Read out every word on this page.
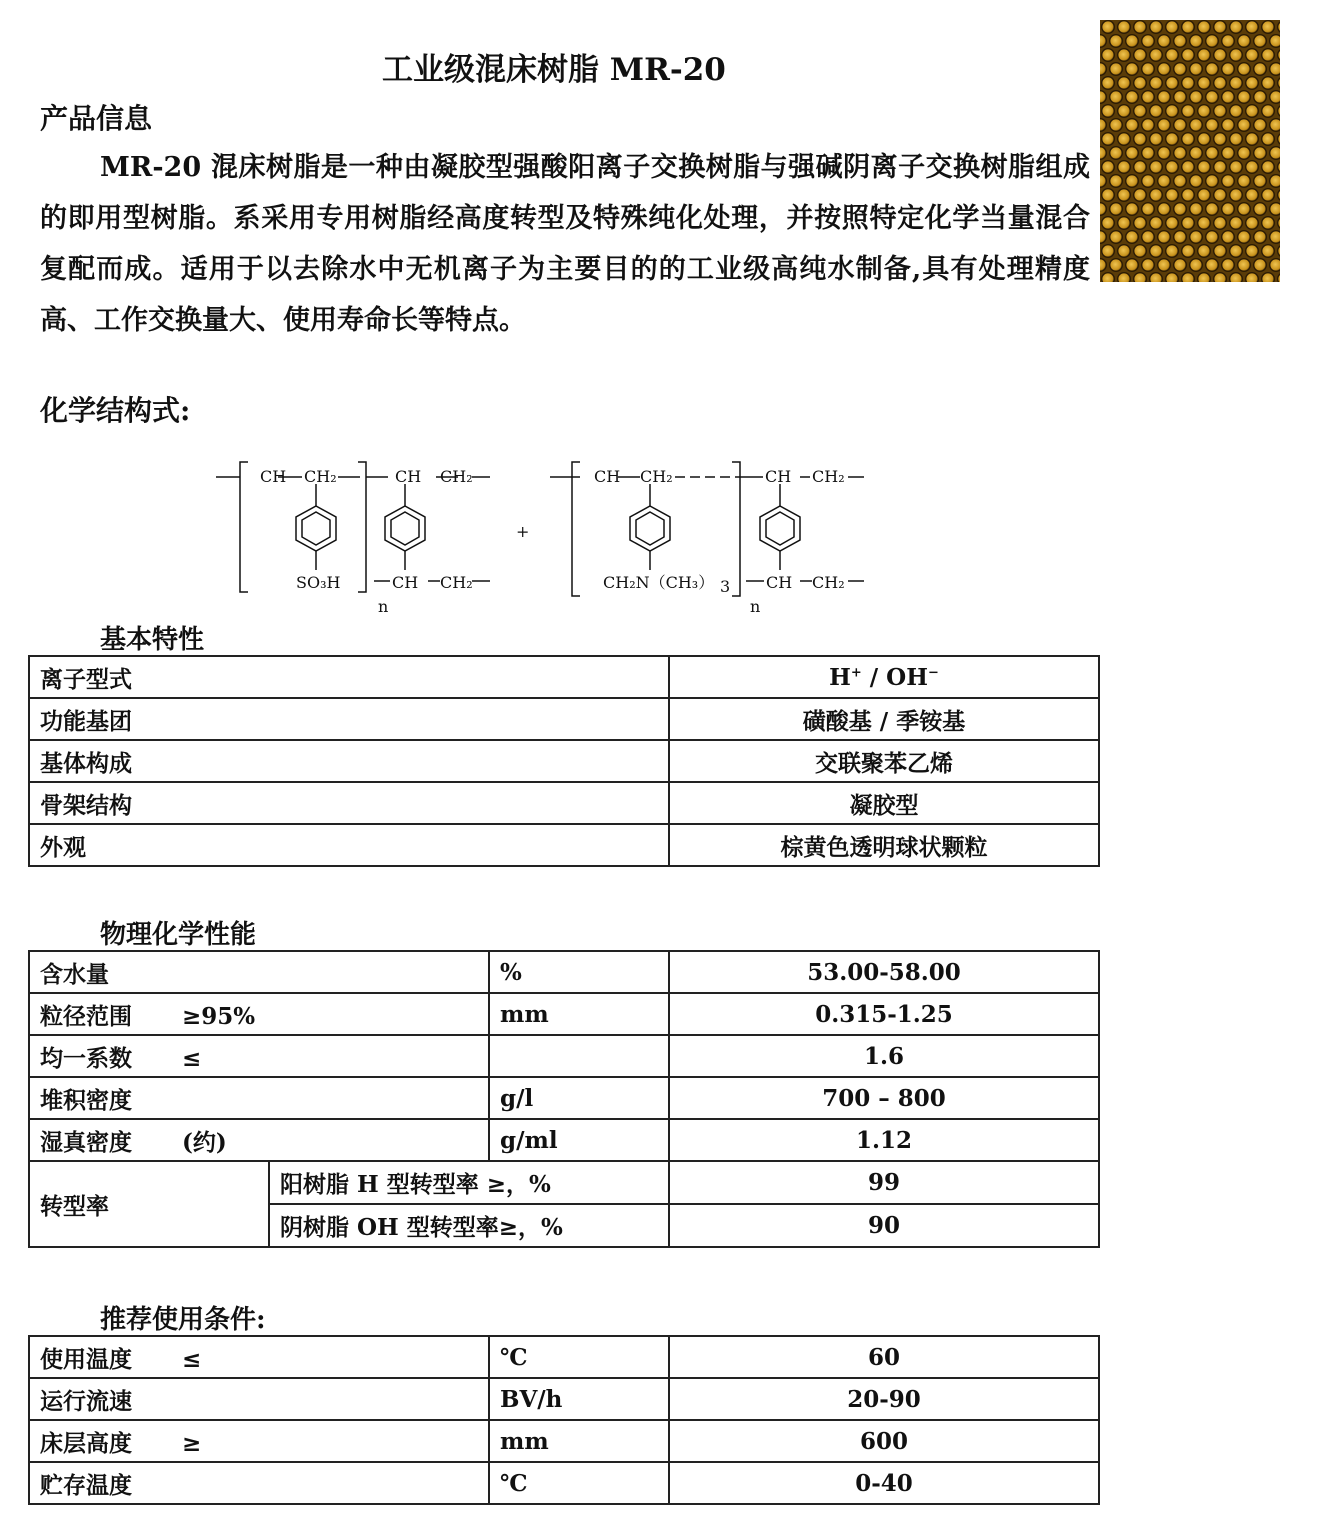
工业级混床树脂 MR-20
产品信息

MR-20 混床树脂是一种由凝胶型强酸阳离子交换树脂与强碱阴离子交换树脂组成的即用型树脂。系采用专用树脂经高度转型及特殊纯化处理，并按照特定化学当量混合复配而成。适用于以去除水中无机离子为主要目的的工业级高纯水制备,具有处理精度高、工作交换量大、使用寿命长等特点。

化学结构式:
CH CH₂	CH CH₂
SO₃H	CH CH₂
n
+
CH CH₂	CH CH₂
CH₂N（CH₃） 3 CH CH₂
n
基本特性
离子型式	H+ / OH−
功能基团	磺酸基 / 季铵基
基体构成	交联聚苯乙烯
骨架结构	凝胶型
外观	棕黄色透明球状颗粒
物理化学性能
含水量		%	53.00-58.00
粒径范围 ≥95%		mm	0.315-1.25
均一系数 ≤			1.6
堆积密度		g/l	700 – 800
湿真密度 (约)		g/ml	1.12
转型率	阳树脂 H 型转型率 ≥，%		99
	阴树脂 OH 型转型率≥，%		90
推荐使用条件:
使用温度 ≤	℃	60
运行流速	BV/h	20-90
床层高度 ≥	mm	600
贮存温度	℃	0-40
